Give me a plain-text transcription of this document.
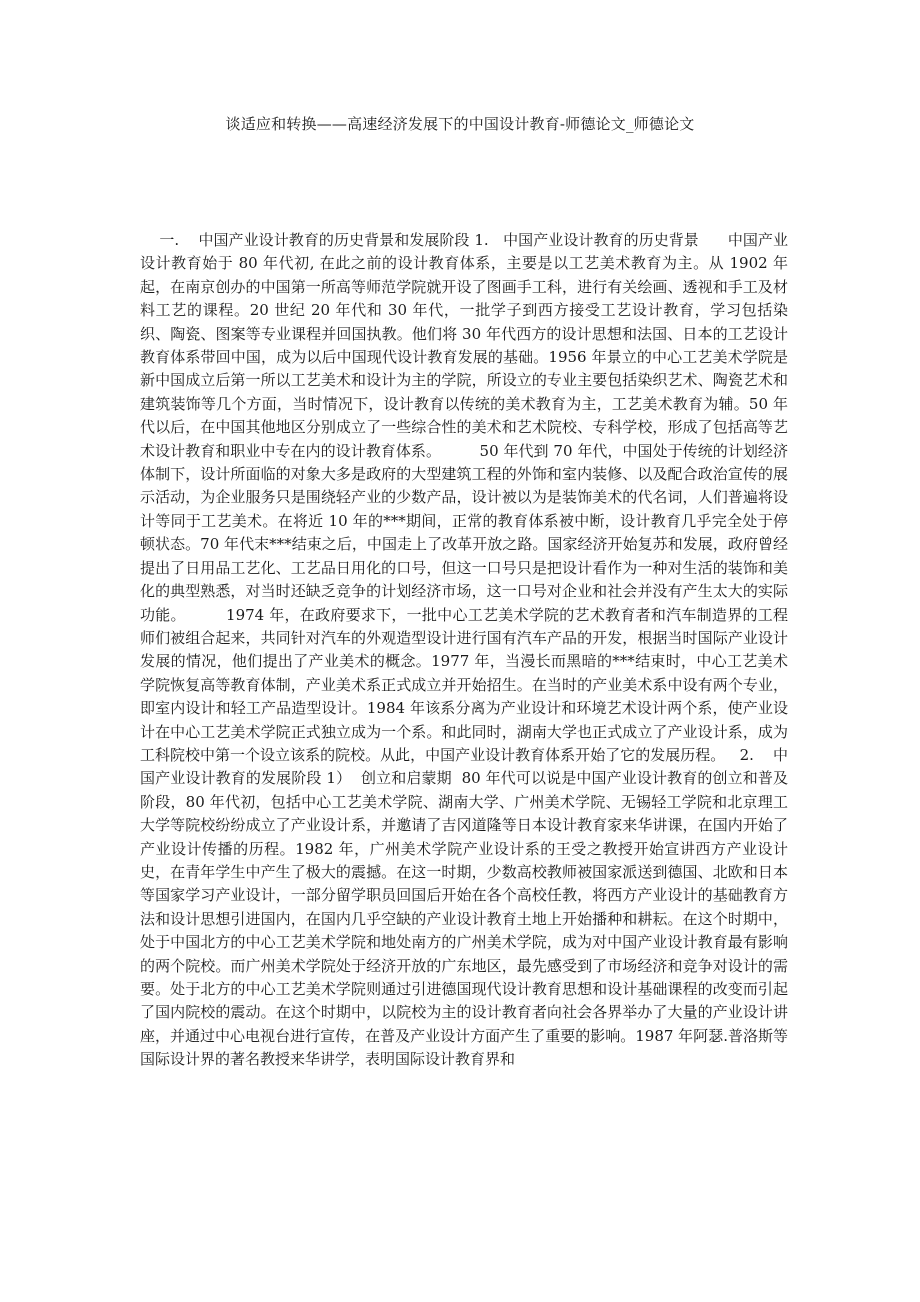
谈适应和转换——高速经济发展下的中国设计教育-师德论文_师德论文

一.    中国产业设计教育的历史背景和发展阶段 1.   中国产业设计教育的历史背景      中国产业设计教育始于 80 年代初, 在此之前的设计教育体系，主要是以工艺美术教育为主。从 1902 年起，在南京创办的中国第一所高等师范学院就开设了图画手工科，进行有关绘画、透视和手工及材料工艺的课程。20 世纪 20 年代和 30 年代，一批学子到西方接受工艺设计教育，学习包括染织、陶瓷、图案等专业课程并回国执教。他们将 30 年代西方的设计思想和法国、日本的工艺设计教育体系带回中国，成为以后中国现代设计教育发展的基础。1956 年景立的中心工艺美术学院是新中国成立后第一所以工艺美术和设计为主的学院，所设立的专业主要包括染织艺术、陶瓷艺术和建筑装饰等几个方面，当时情况下，设计教育以传统的美术教育为主，工艺美术教育为辅。50 年代以后，在中国其他地区分别成立了一些综合性的美术和艺术院校、专科学校，形成了包括高等艺术设计教育和职业中专在内的设计教育体系。        50 年代到 70 年代，中国处于传统的计划经济体制下，设计所面临的对象大多是政府的大型建筑工程的外饰和室内装修、以及配合政治宣传的展示活动，为企业服务只是围绕轻产业的少数产品，设计被以为是装饰美术的代名词，人们普遍将设计等同于工艺美术。在将近 10 年的***期间，正常的教育体系被中断，设计教育几乎完全处于停顿状态。70 年代末***结束之后，中国走上了改革开放之路。国家经济开始复苏和发展，政府曾经提出了日用品工艺化、工艺品日用化的口号，但这一口号只是把设计看作为一种对生活的装饰和美化的典型熟悉，对当时还缺乏竞争的计划经济市场，这一口号对企业和社会并没有产生太大的实际功能。        1974 年，在政府要求下，一批中心工艺美术学院的艺术教育者和汽车制造界的工程师们被组合起来，共同针对汽车的外观造型设计进行国有汽车产品的开发，根据当时国际产业设计发展的情况，他们提出了产业美术的概念。1977 年，当漫长而黑暗的***结束时，中心工艺美术学院恢复高等教育体制，产业美术系正式成立并开始招生。在当时的产业美术系中设有两个专业，即室内设计和轻工产品造型设计。1984 年该系分离为产业设计和环境艺术设计两个系，使产业设计在中心工艺美术学院正式独立成为一个系。和此同时，湖南大学也正式成立了产业设计系，成为工科院校中第一个设立该系的院校。从此，中国产业设计教育体系开始了它的发展历程。   2.    中国产业设计教育的发展阶段 1）  创立和启蒙期  80 年代可以说是中国产业设计教育的创立和普及阶段，80 年代初，包括中心工艺美术学院、湖南大学、广州美术学院、无锡轻工学院和北京理工大学等院校纷纷成立了产业设计系，并邀请了吉冈道隆等日本设计教育家来华讲课，在国内开始了产业设计传播的历程。1982 年，广州美术学院产业设计系的王受之教授开始宣讲西方产业设计史，在青年学生中产生了极大的震撼。在这一时期，少数高校教师被国家派送到德国、北欧和日本等国家学习产业设计，一部分留学职员回国后开始在各个高校任教，将西方产业设计的基础教育方法和设计思想引进国内，在国内几乎空缺的产业设计教育土地上开始播种和耕耘。在这个时期中，处于中国北方的中心工艺美术学院和地处南方的广州美术学院，成为对中国产业设计教育最有影响的两个院校。而广州美术学院处于经济开放的广东地区，最先感受到了市场经济和竞争对设计的需要。处于北方的中心工艺美术学院则通过引进德国现代设计教育思想和设计基础课程的改变而引起了国内院校的震动。在这个时期中，以院校为主的设计教育者向社会各界举办了大量的产业设计讲座，并通过中心电视台进行宣传，在普及产业设计方面产生了重要的影响。1987 年阿瑟.普洛斯等国际设计界的著名教授来华讲学，表明国际设计教育界和
